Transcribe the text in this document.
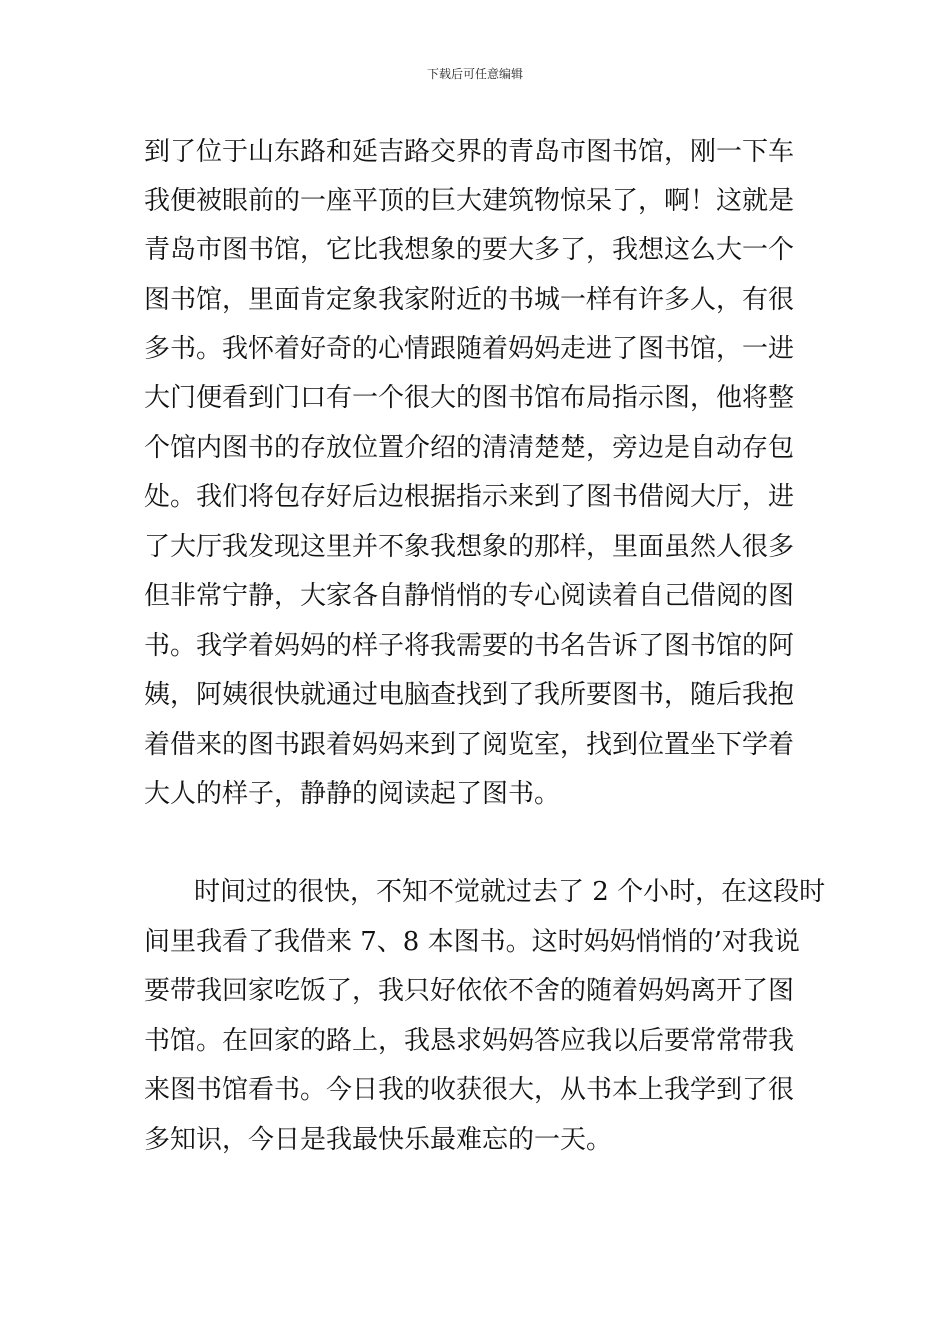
下载后可任意编辑
到了位于山东路和延吉路交界的青岛市图书馆，刚一下车
我便被眼前的一座平顶的巨大建筑物惊呆了，啊！这就是
青岛市图书馆，它比我想象的要大多了，我想这么大一个
图书馆，里面肯定象我家附近的书城一样有许多人，有很
多书。我怀着好奇的心情跟随着妈妈走进了图书馆，一进
大门便看到门口有一个很大的图书馆布局指示图，他将整
个馆内图书的存放位置介绍的清清楚楚，旁边是自动存包
处。我们将包存好后边根据指示来到了图书借阅大厅，进
了大厅我发现这里并不象我想象的那样，里面虽然人很多
但非常宁静，大家各自静悄悄的专心阅读着自己借阅的图
书。我学着妈妈的样子将我需要的书名告诉了图书馆的阿
姨，阿姨很快就通过电脑查找到了我所要图书，随后我抱
着借来的图书跟着妈妈来到了阅览室，找到位置坐下学着
大人的样子，静静的阅读起了图书。
时间过的很快，不知不觉就过去了 2 个小时，在这段时
间里我看了我借来 7、8 本图书。这时妈妈悄悄的’对我说
要带我回家吃饭了，我只好依依不舍的随着妈妈离开了图
书馆。在回家的路上，我恳求妈妈答应我以后要常常带我
来图书馆看书。今日我的收获很大，从书本上我学到了很
多知识，今日是我最快乐最难忘的一天。
